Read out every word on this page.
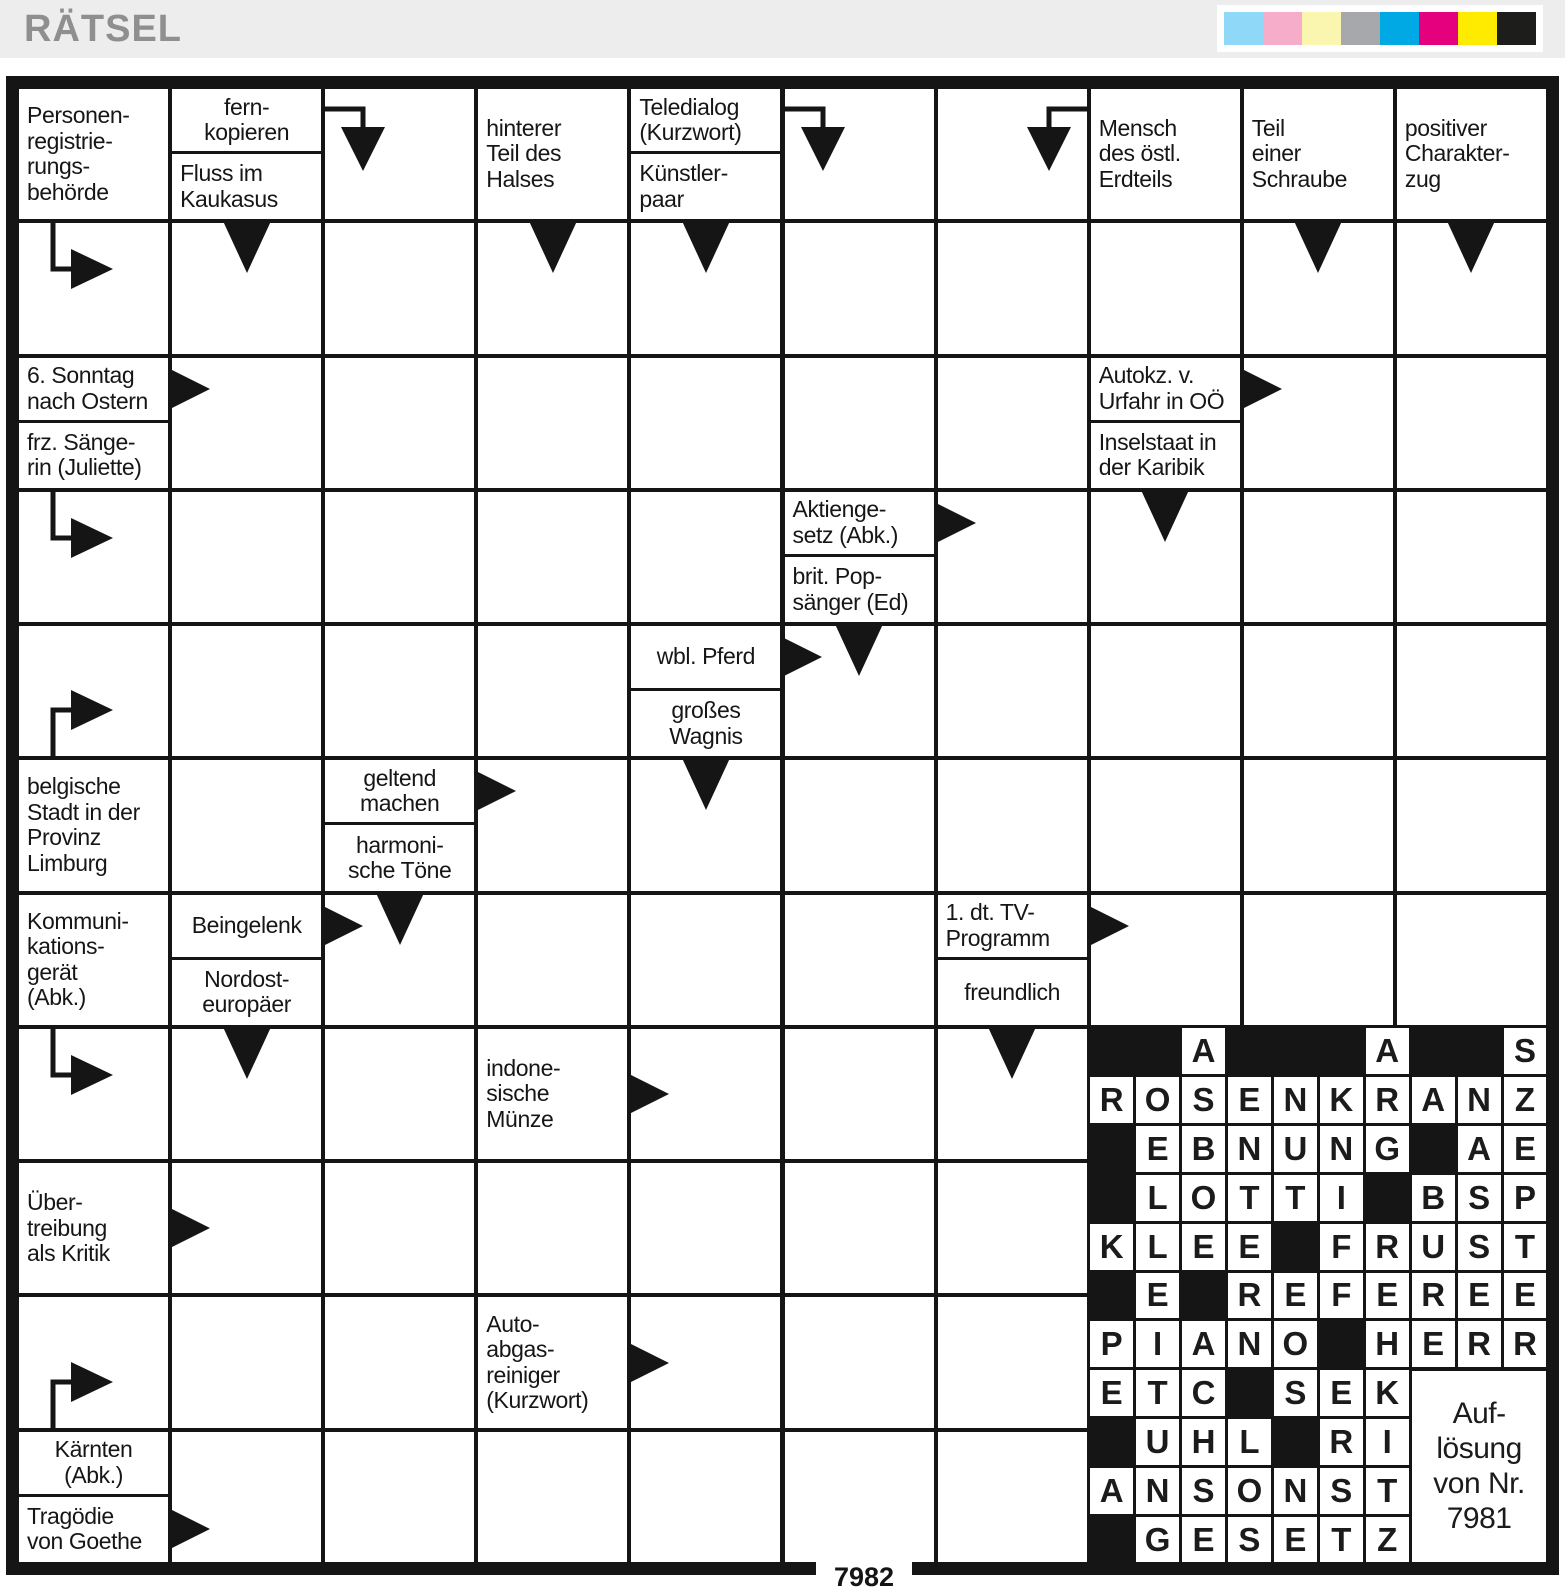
RÄTSEL
Personen-
registrie-
rungs-
behörde
fern-
kopieren
Fluss im
Kaukasus
hinterer
Teil des
Halses
Teledialog
(Kurzwort)
Künstler-
paar
Mensch
des östl.
Erdteils
Teil
einer
Schraube
positiver
Charakter-
zug
6. Sonntag
nach Ostern
frz. Sänge-
rin (Juliette)
Autokz. v.
Urfahr in OÖ
Inselstaat in
der Karibik
Aktienge-
setz (Abk.)
brit. Pop-
sänger (Ed)
wbl. Pferd
großes
Wagnis
belgische
Stadt in der
Provinz
Limburg
geltend
machen
harmoni-
sche Töne
Kommuni-
kations-
gerät
(Abk.)
Beingelenk
Nordost-
europäer
1. dt. TV-
Programm
freundlich
indone-
sische
Münze
Über-
treibung
als Kritik
Auto-
abgas-
reiniger
(Kurzwort)
Kärnten
(Abk.)
Tragödie
von Goethe
A	A	S
R O S E N K R A N Z
E B N U N G A E
L O T T I	B S P
K L E E	F R U S T
E	R E F E R E E
P I A N O H E R R
E T C	S E K
U H L	R I
A N S O N S T
G E S E T Z
Auf-
lösung
von Nr.
7981
7982
